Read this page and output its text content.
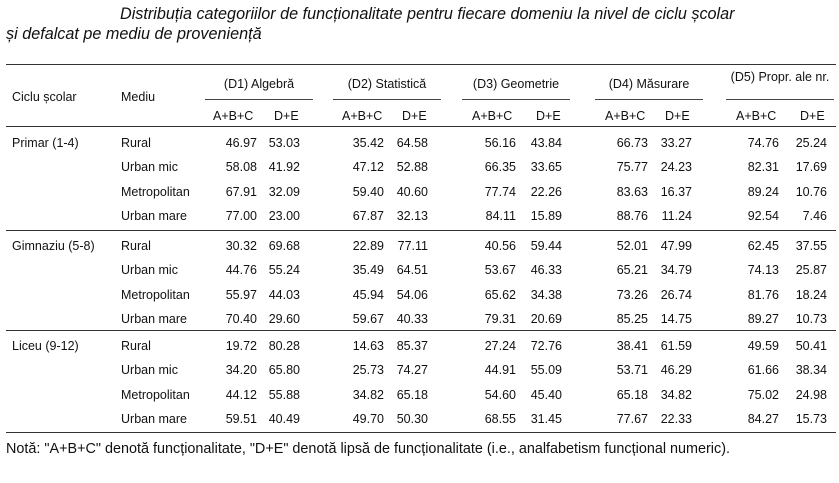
Distribuția categoriilor de funcționalitate pentru fiecare domeniu la nivel de ciclu școlar
și defalcat pe mediu de proveniență
(D1) Algebră	(D2) Statistică	(D3) Geometrie	(D4) Măsurare	(D5) Propr. ale nr.
Ciclu școlar	Mediu
A+B+C D+E	A+B+C D+E	A+B+C D+E	A+B+C D+E	A+B+C D+E
Primar (1-4)	Rural	46.97 53.03	35.42	64.58	56.16	43.84	66.73	33.27	74.76	25.24
Urban mic	58.08 41.92	47.12	52.88	66.35	33.65	75.77	24.23	82.31	17.69
Metropolitan	67.91 32.09	59.40	40.60	77.74	22.26	83.63	16.37	89.24	10.76
Urban mare	77.00 23.00	67.87	32.13	84.11	15.89	88.76	11.24	92.54	7.46
Gimnaziu (5-8) Rural	30.32 69.68	22.89	77.11	40.56	59.44	52.01	47.99	62.45	37.55
Urban mic	44.76 55.24	35.49	64.51	53.67	46.33	65.21	34.79	74.13	25.87
Metropolitan	55.97 44.03	45.94	54.06	65.62	34.38	73.26	26.74	81.76	18.24
Urban mare	70.40 29.60	59.67	40.33	79.31	20.69	85.25	14.75	89.27	10.73
Liceu (9-12)	Rural	19.72 80.28	14.63	85.37	27.24	72.76	38.41	61.59	49.59	50.41
Urban mic	34.20 65.80	25.73	74.27	44.91	55.09	53.71	46.29	61.66	38.34
Metropolitan	44.12 55.88	34.82	65.18	54.60	45.40	65.18	34.82	75.02	24.98
Urban mare	59.51 40.49	49.70	50.30	68.55	31.45	77.67	22.33	84.27	15.73
Notă: "A+B+C" denotă funcționalitate, "D+E" denotă lipsă de funcționalitate (i.e., analfabetism funcțional numeric).
